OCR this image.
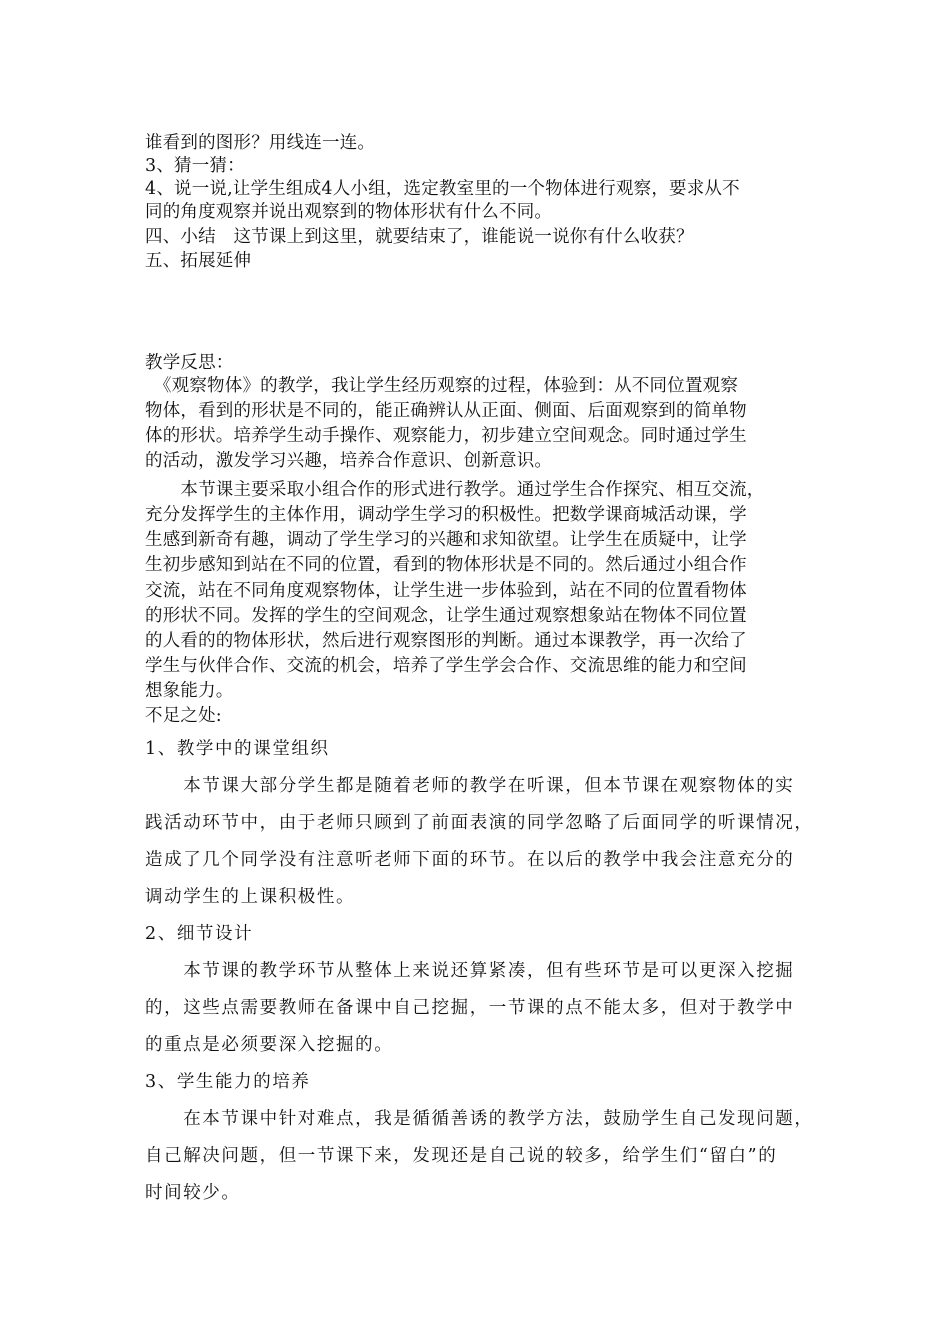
谁看到的图形？用线连一连。
3、猜一猜：
4、说一说,让学生组成4人小组，选定教室里的一个物体进行观察，要求从不
同的角度观察并说出观察到的物体形状有什么不同。
四、小结　这节课上到这里，就要结束了，谁能说一说你有什么收获？
五、拓展延伸
教学反思：
　《观察物体》的教学，我让学生经历观察的过程，体验到：从不同位置观察
物体，看到的形状是不同的，能正确辨认从正面、侧面、后面观察到的简单物
体的形状。培养学生动手操作、观察能力，初步建立空间观念。同时通过学生
的活动，激发学习兴趣，培养合作意识、创新意识。
　　本节课主要采取小组合作的形式进行教学。通过学生合作探究、相互交流，
充分发挥学生的主体作用，调动学生学习的积极性。把数学课商城活动课，学
生感到新奇有趣，调动了学生学习的兴趣和求知欲望。让学生在质疑中，让学
生初步感知到站在不同的位置，看到的物体形状是不同的。然后通过小组合作
交流，站在不同角度观察物体，让学生进一步体验到，站在不同的位置看物体
的形状不同。发挥的学生的空间观念，让学生通过观察想象站在物体不同位置
的人看的的物体形状，然后进行观察图形的判断。通过本课教学，再一次给了
学生与伙伴合作、交流的机会，培养了学生学会合作、交流思维的能力和空间
想象能力。
不足之处:
1、教学中的课堂组织
　　本节课大部分学生都是随着老师的教学在听课，但本节课在观察物体的实
践活动环节中，由于老师只顾到了前面表演的同学忽略了后面同学的听课情况，
造成了几个同学没有注意听老师下面的环节。在以后的教学中我会注意充分的
调动学生的上课积极性。
2、细节设计
　　本节课的教学环节从整体上来说还算紧凑，但有些环节是可以更深入挖掘
的，这些点需要教师在备课中自己挖掘，一节课的点不能太多，但对于教学中
的重点是必须要深入挖掘的。
3、学生能力的培养
　　在本节课中针对难点，我是循循善诱的教学方法，鼓励学生自己发现问题，
自己解决问题，但一节课下来，发现还是自己说的较多，给学生们“留白”的
时间较少。
